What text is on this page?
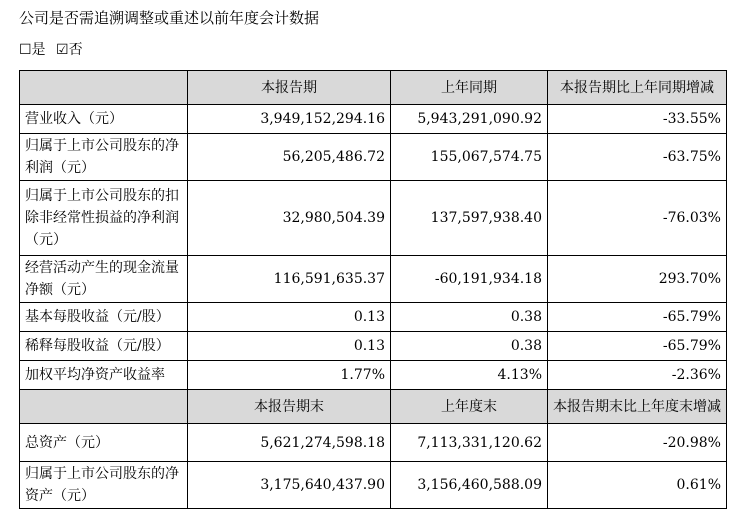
公司是否需追溯调整或重述以前年度会计数据
☐是 ☑否
	本报告期	上年同期	本报告期比上年同期增减
营业收入（元）	3,949,152,294.16	5,943,291,090.92	-33.55%
归属于上市公司股东的净利润（元）	56,205,486.72	155,067,574.75	-63.75%
归属于上市公司股东的扣除非经常性损益的净利润（元）	32,980,504.39	137,597,938.40	-76.03%
经营活动产生的现金流量净额（元）	116,591,635.37	-60,191,934.18	293.70%
基本每股收益（元/股）	0.13	0.38	-65.79%
稀释每股收益（元/股）	0.13	0.38	-65.79%
加权平均净资产收益率	1.77%	4.13%	-2.36%
	本报告期末	上年度末	本报告期末比上年度末增减
总资产（元）	5,621,274,598.18	7,113,331,120.62	-20.98%
归属于上市公司股东的净资产（元）	3,175,640,437.90	3,156,460,588.09	0.61%
